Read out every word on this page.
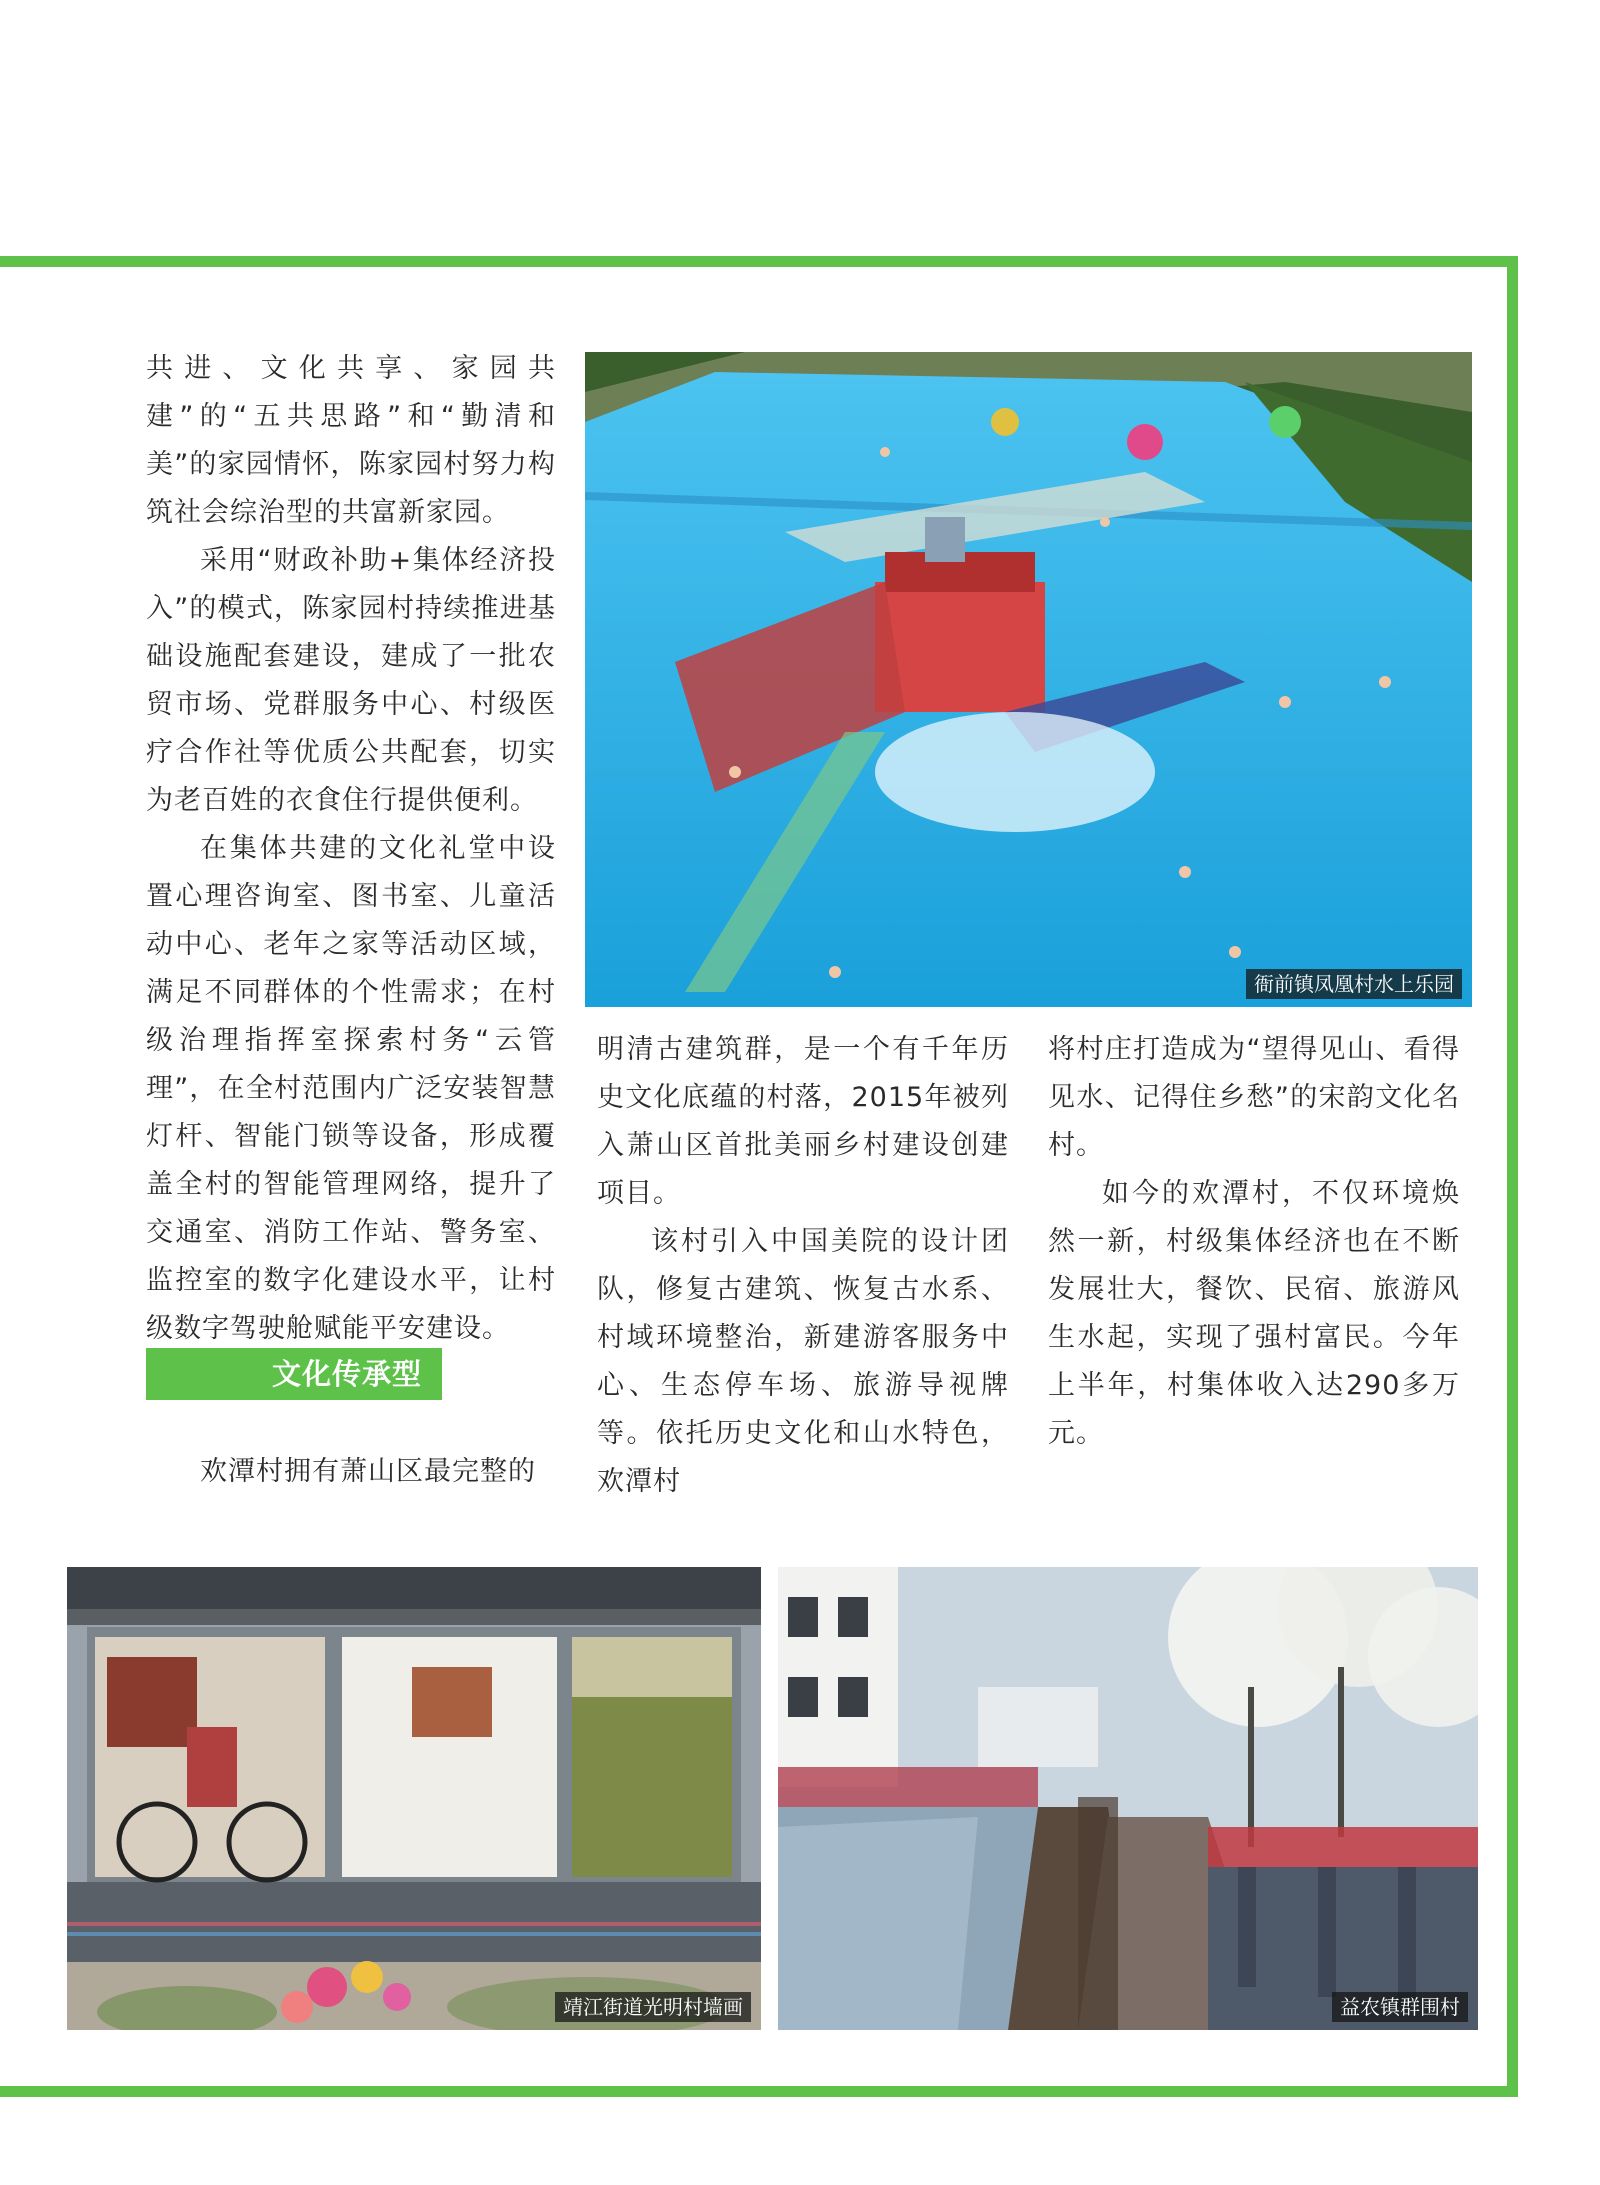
共进、文化共享、家园共建”的“五共思路”和“勤清和美”的家园情怀，陈家园村努力构筑社会综治型的共富新家园。

采用“财政补助+集体经济投入”的模式，陈家园村持续推进基础设施配套建设，建成了一批农贸市场、党群服务中心、村级医疗合作社等优质公共配套，切实为老百姓的衣食住行提供便利。

在集体共建的文化礼堂中设置心理咨询室、图书室、儿童活动中心、老年之家等活动区域，满足不同群体的个性需求；在村级治理指挥室探索村务“云管理”，在全村范围内广泛安装智慧灯杆、智能门锁等设备，形成覆盖全村的智能管理网络，提升了交通室、消防工作站、警务室、监控室的数字化建设水平，让村级数字驾驶舱赋能平安建设。

文化传承型

欢潭村拥有萧山区最完整的

明清古建筑群，是一个有千年历史文化底蕴的村落，2015年被列入萧山区首批美丽乡村建设创建项目。

该村引入中国美院的设计团队，修复古建筑、恢复古水系、村域环境整治，新建游客服务中心、生态停车场、旅游导视牌等。依托历史文化和山水特色，欢潭村

将村庄打造成为“望得见山、看得见水、记得住乡愁”的宋韵文化名村。

如今的欢潭村，不仅环境焕然一新，村级集体经济也在不断发展壮大，餐饮、民宿、旅游风生水起，实现了强村富民。今年上半年，村集体收入达290多万元。

衙前镇凤凰村水上乐园
靖江街道光明村墙画	益农镇群围村
